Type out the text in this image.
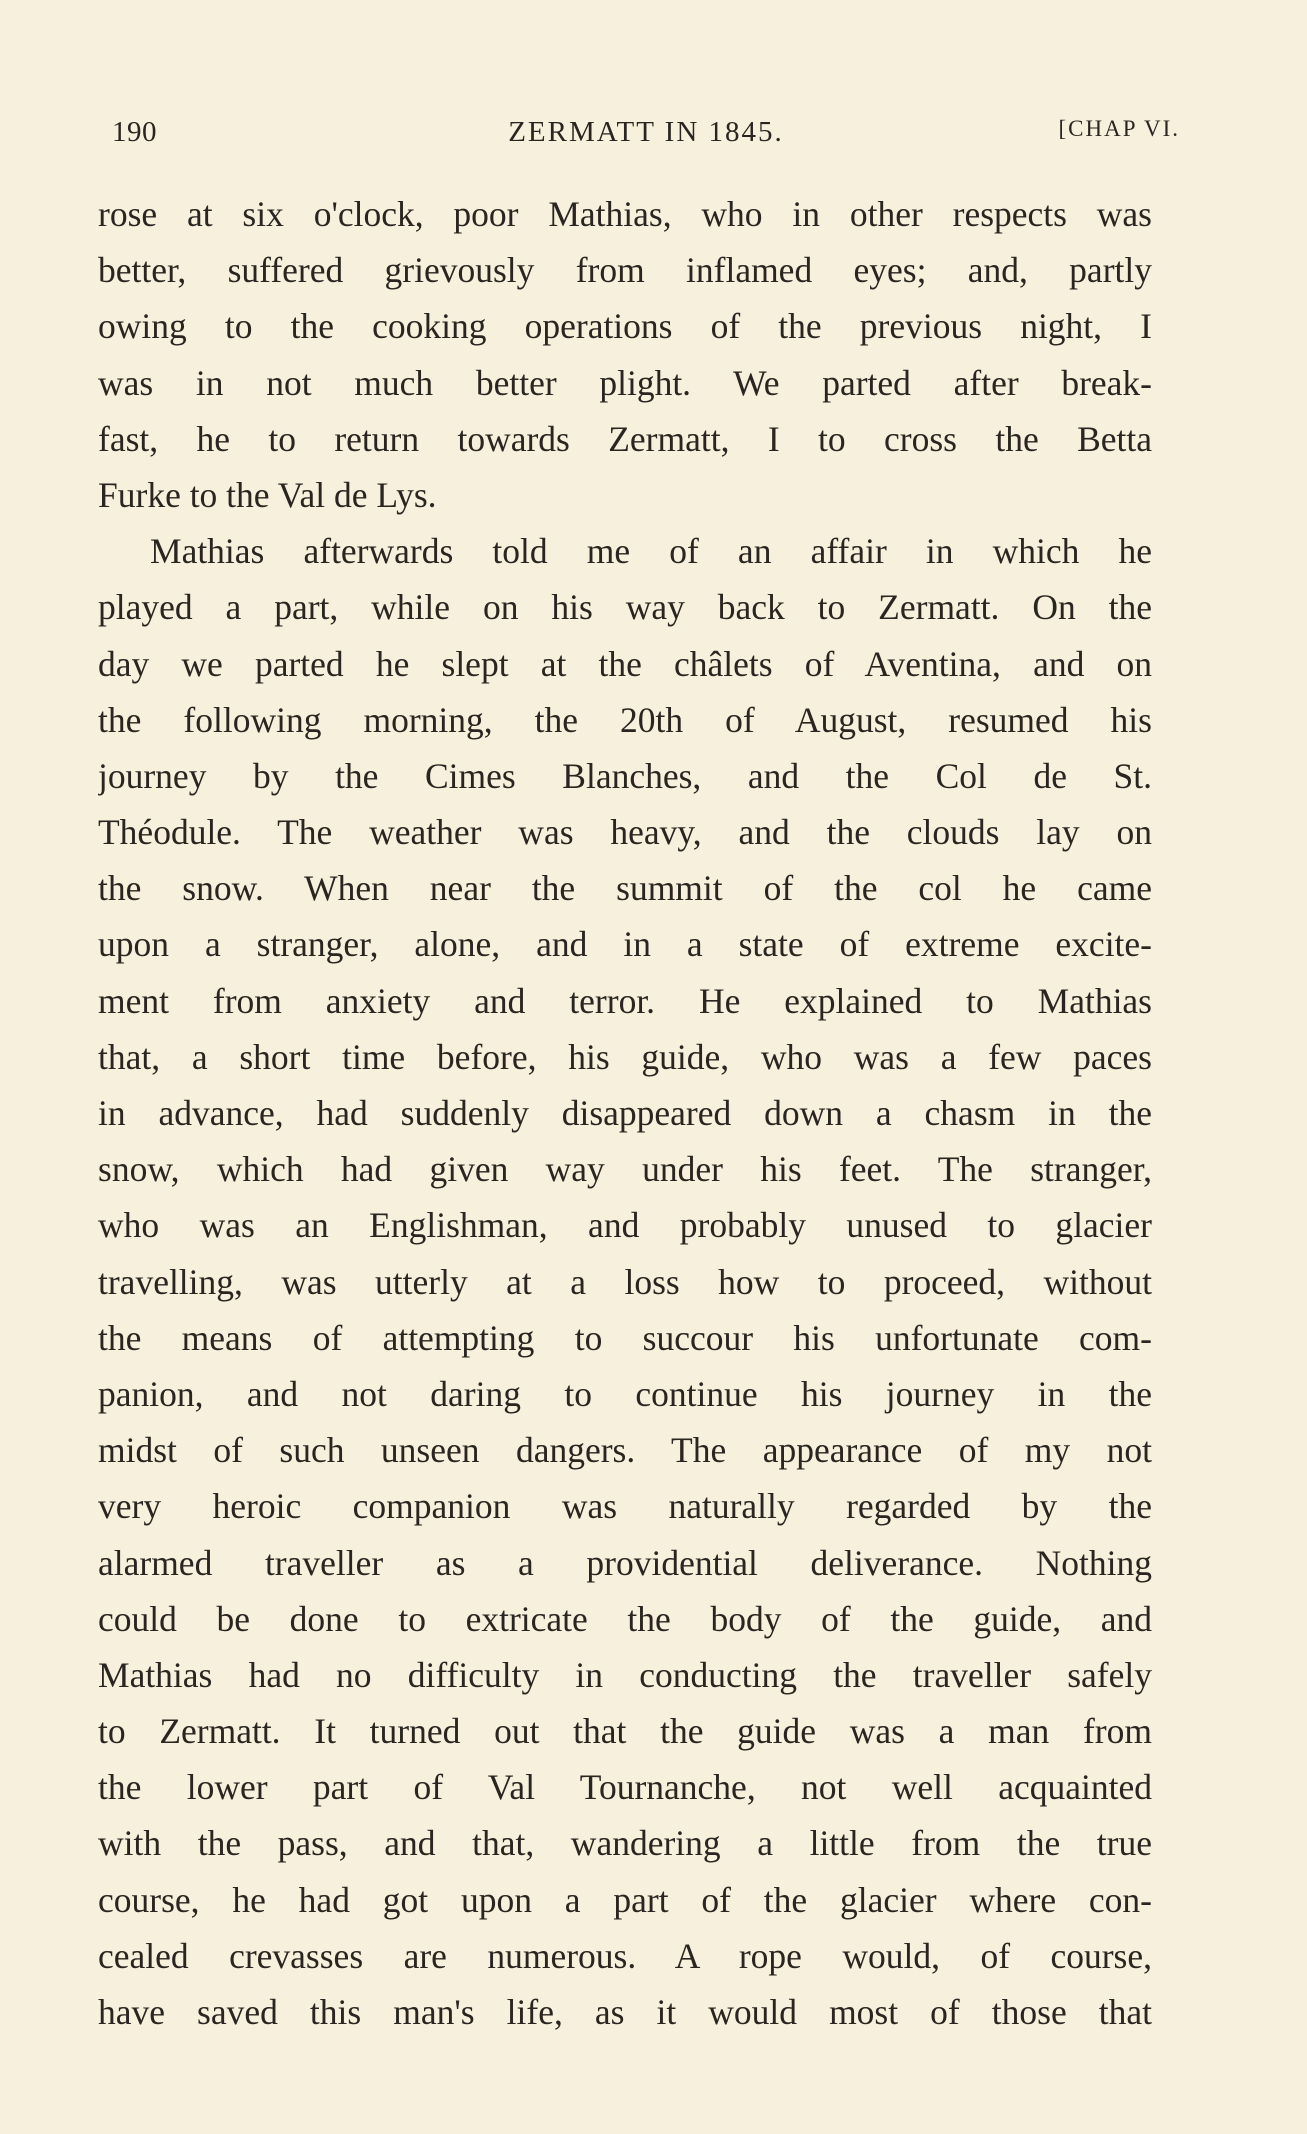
190	ZERMATT IN 1845.	[CHAP VI.
rose at six o'clock, poor Mathias, who in other respects was
better, suffered grievously from inflamed eyes; and, partly
owing to the cooking operations of the previous night, I
was in not much better plight. We parted after break-
fast, he to return towards Zermatt, I to cross the Betta
Furke to the Val de Lys.
Mathias afterwards told me of an affair in which he
played a part, while on his way back to Zermatt. On the
day we parted he slept at the châlets of Aventina, and on
the following morning, the 20th of August, resumed his
journey by the Cimes Blanches, and the Col de St.
Théodule. The weather was heavy, and the clouds lay on
the snow. When near the summit of the col he came
upon a stranger, alone, and in a state of extreme excite-
ment from anxiety and terror. He explained to Mathias
that, a short time before, his guide, who was a few paces
in advance, had suddenly disappeared down a chasm in the
snow, which had given way under his feet. The stranger,
who was an Englishman, and probably unused to glacier
travelling, was utterly at a loss how to proceed, without
the means of attempting to succour his unfortunate com-
panion, and not daring to continue his journey in the
midst of such unseen dangers. The appearance of my not
very heroic companion was naturally regarded by the
alarmed traveller as a providential deliverance. Nothing
could be done to extricate the body of the guide, and
Mathias had no difficulty in conducting the traveller safely
to Zermatt. It turned out that the guide was a man from
the lower part of Val Tournanche, not well acquainted
with the pass, and that, wandering a little from the true
course, he had got upon a part of the glacier where con-
cealed crevasses are numerous. A rope would, of course,
have saved this man's life, as it would most of those that
